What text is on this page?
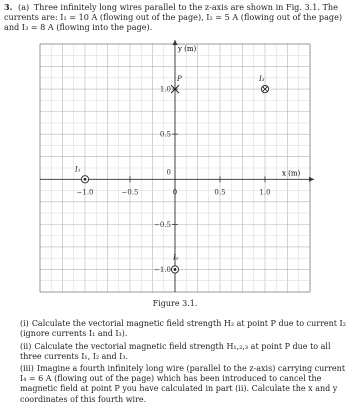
3. (a) Three infinitely long wires parallel to the z-axis are shown in Fig. 3.1. The currents are: I₁ = 10 A (flowing out of the page), I₂ = 5 A (flowing out of the page) and I₃ = 8 A (flowing into the page).
−1.0	−0.5	0	0.5	1.0
1.0
0.5
0
−0.5
−1.0
I₁
I₂
I₃
P
x (m)
y (m)
Figure 3.1.
(i) Calculate the vectorial magnetic field strength H₂ at point P due to current I₂ (ignore currents I₁ and I₃).
(ii) Calculate the vectorial magnetic field strength H₁,₂,₃ at point P due to all three currents I₁, I₂ and I₃.
(iii) Imagine a fourth infinitely long wire (parallel to the z-axis) carrying current I₄ = 6 A (flowing out of the page) which has been introduced to cancel the magnetic field at point P you have calculated in part (ii). Calculate the x and y coordinates of this fourth wire.
